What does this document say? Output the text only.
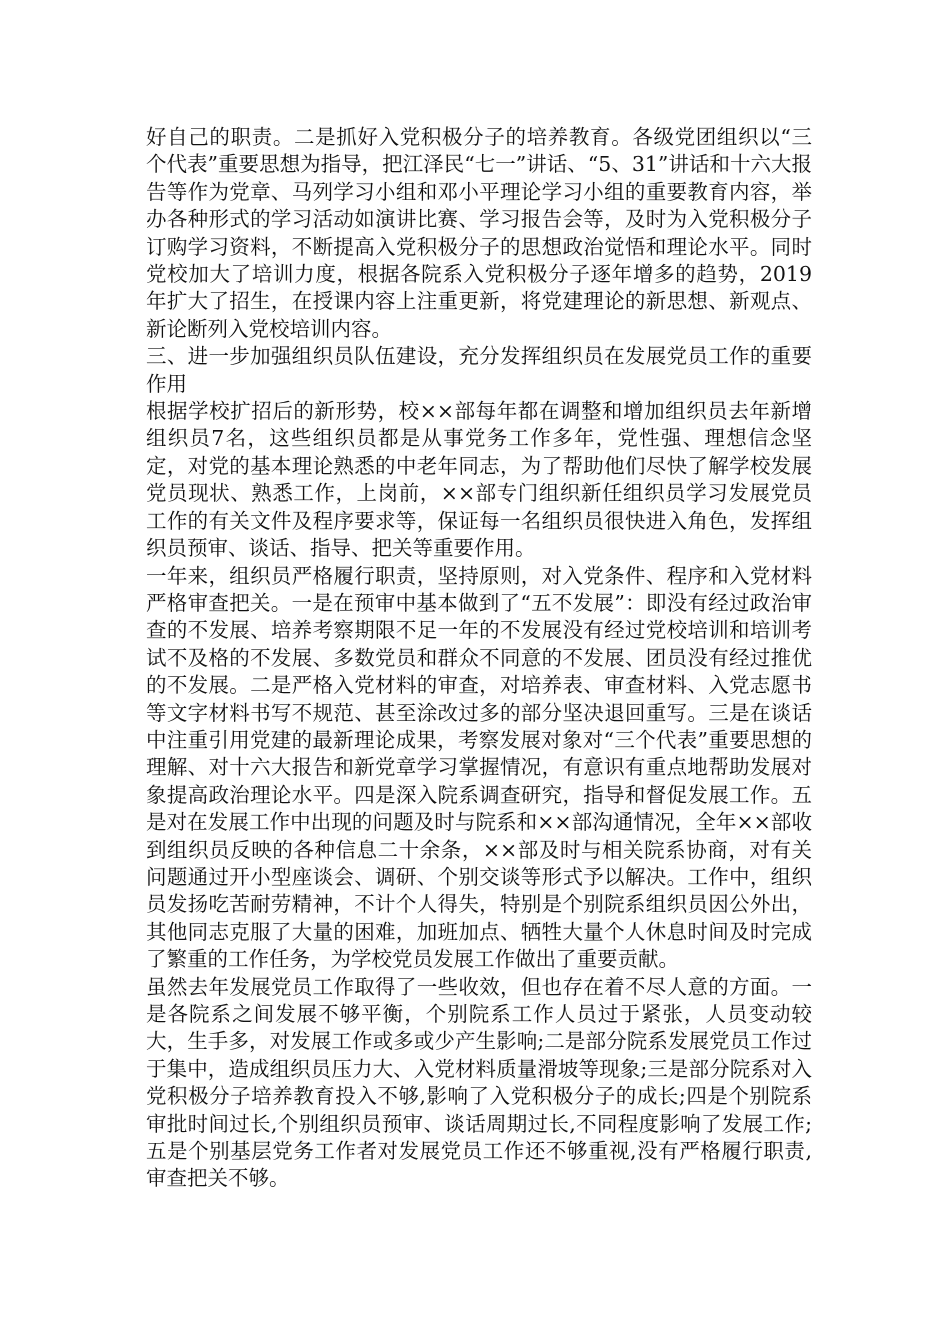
好自己的职责。二是抓好入党积极分子的培养教育。各级党团组织以“三个代表”重要思想为指导，把江泽民“七一”讲话、“5、31”讲话和十六大报告等作为党章、马列学习小组和邓小平理论学习小组的重要教育内容，举办各种形式的学习活动如演讲比赛、学习报告会等，及时为入党积极分子订购学习资料，不断提高入党积极分子的思想政治觉悟和理论水平。同时党校加大了培训力度，根据各院系入党积极分子逐年增多的趋势，2019年扩大了招生，在授课内容上注重更新，将党建理论的新思想、新观点、新论断列入党校培训内容。

三、进一步加强组织员队伍建设，充分发挥组织员在发展党员工作的重要作用

根据学校扩招后的新形势，校××部每年都在调整和增加组织员去年新增组织员7名，这些组织员都是从事党务工作多年，党性强、理想信念坚定，对党的基本理论熟悉的中老年同志，为了帮助他们尽快了解学校发展党员现状、熟悉工作，上岗前，××部专门组织新任组织员学习发展党员工作的有关文件及程序要求等，保证每一名组织员很快进入角色，发挥组织员预审、谈话、指导、把关等重要作用。

一年来，组织员严格履行职责，坚持原则，对入党条件、程序和入党材料严格审查把关。一是在预审中基本做到了“五不发展”：即没有经过政治审查的不发展、培养考察期限不足一年的不发展没有经过党校培训和培训考试不及格的不发展、多数党员和群众不同意的不发展、团员没有经过推优的不发展。二是严格入党材料的审查，对培养表、审查材料、入党志愿书等文字材料书写不规范、甚至涂改过多的部分坚决退回重写。三是在谈话中注重引用党建的最新理论成果，考察发展对象对“三个代表”重要思想的理解、对十六大报告和新党章学习掌握情况，有意识有重点地帮助发展对象提高政治理论水平。四是深入院系调查研究，指导和督促发展工作。五是对在发展工作中出现的问题及时与院系和××部沟通情况，全年××部收到组织员反映的各种信息二十余条，××部及时与相关院系协商，对有关问题通过开小型座谈会、调研、个别交谈等形式予以解决。工作中，组织员发扬吃苦耐劳精神，不计个人得失，特别是个别院系组织员因公外出，其他同志克服了大量的困难，加班加点、牺牲大量个人休息时间及时完成了繁重的工作任务，为学校党员发展工作做出了重要贡献。

虽然去年发展党员工作取得了一些收效，但也存在着不尽人意的方面。一是各院系之间发展不够平衡，个别院系工作人员过于紧张，人员变动较大，生手多，对发展工作或多或少产生影响;二是部分院系发展党员工作过于集中，造成组织员压力大、入党材料质量滑坡等现象;三是部分院系对入党积极分子培养教育投入不够,影响了入党积极分子的成长;四是个别院系审批时间过长,个别组织员预审、谈话周期过长,不同程度影响了发展工作;五是个别基层党务工作者对发展党员工作还不够重视,没有严格履行职责,审查把关不够。
